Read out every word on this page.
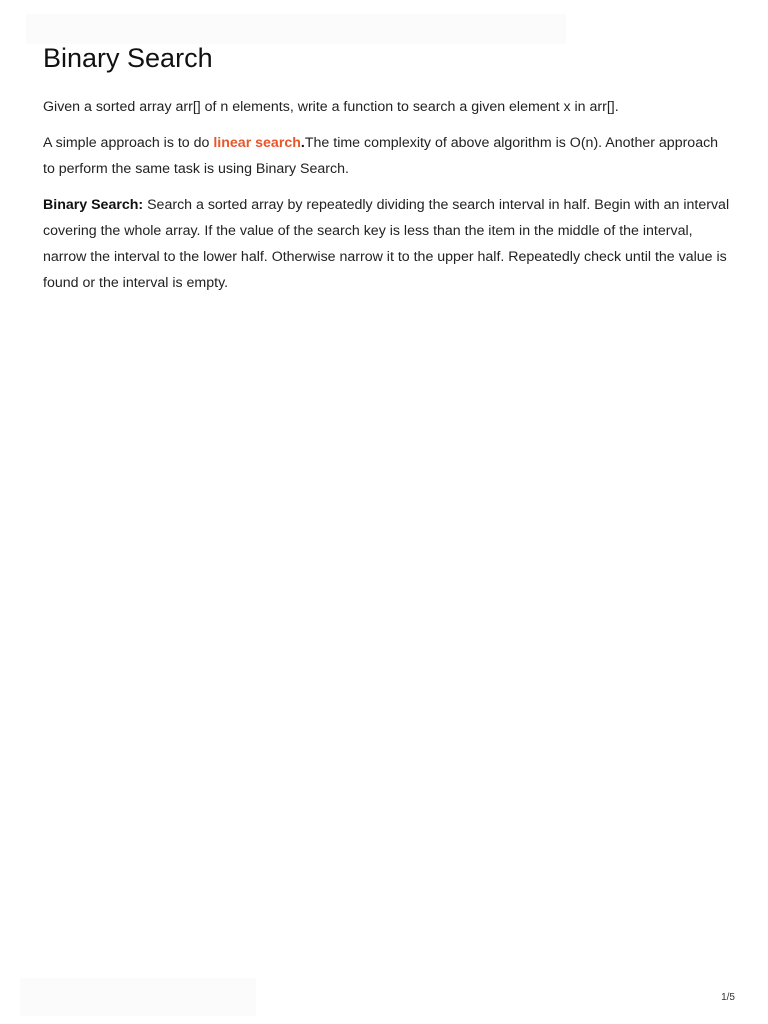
Binary Search

Given a sorted array arr[] of n elements, write a function to search a given element x in arr[].

A simple approach is to do linear search.The time complexity of above algorithm is O(n). Another approach to perform the same task is using Binary Search.

Binary Search: Search a sorted array by repeatedly dividing the search interval in half. Begin with an interval covering the whole array. If the value of the search key is less than the item in the middle of the interval, narrow the interval to the lower half. Otherwise narrow it to the upper half. Repeatedly check until the value is found or the interval is empty.

1/5
